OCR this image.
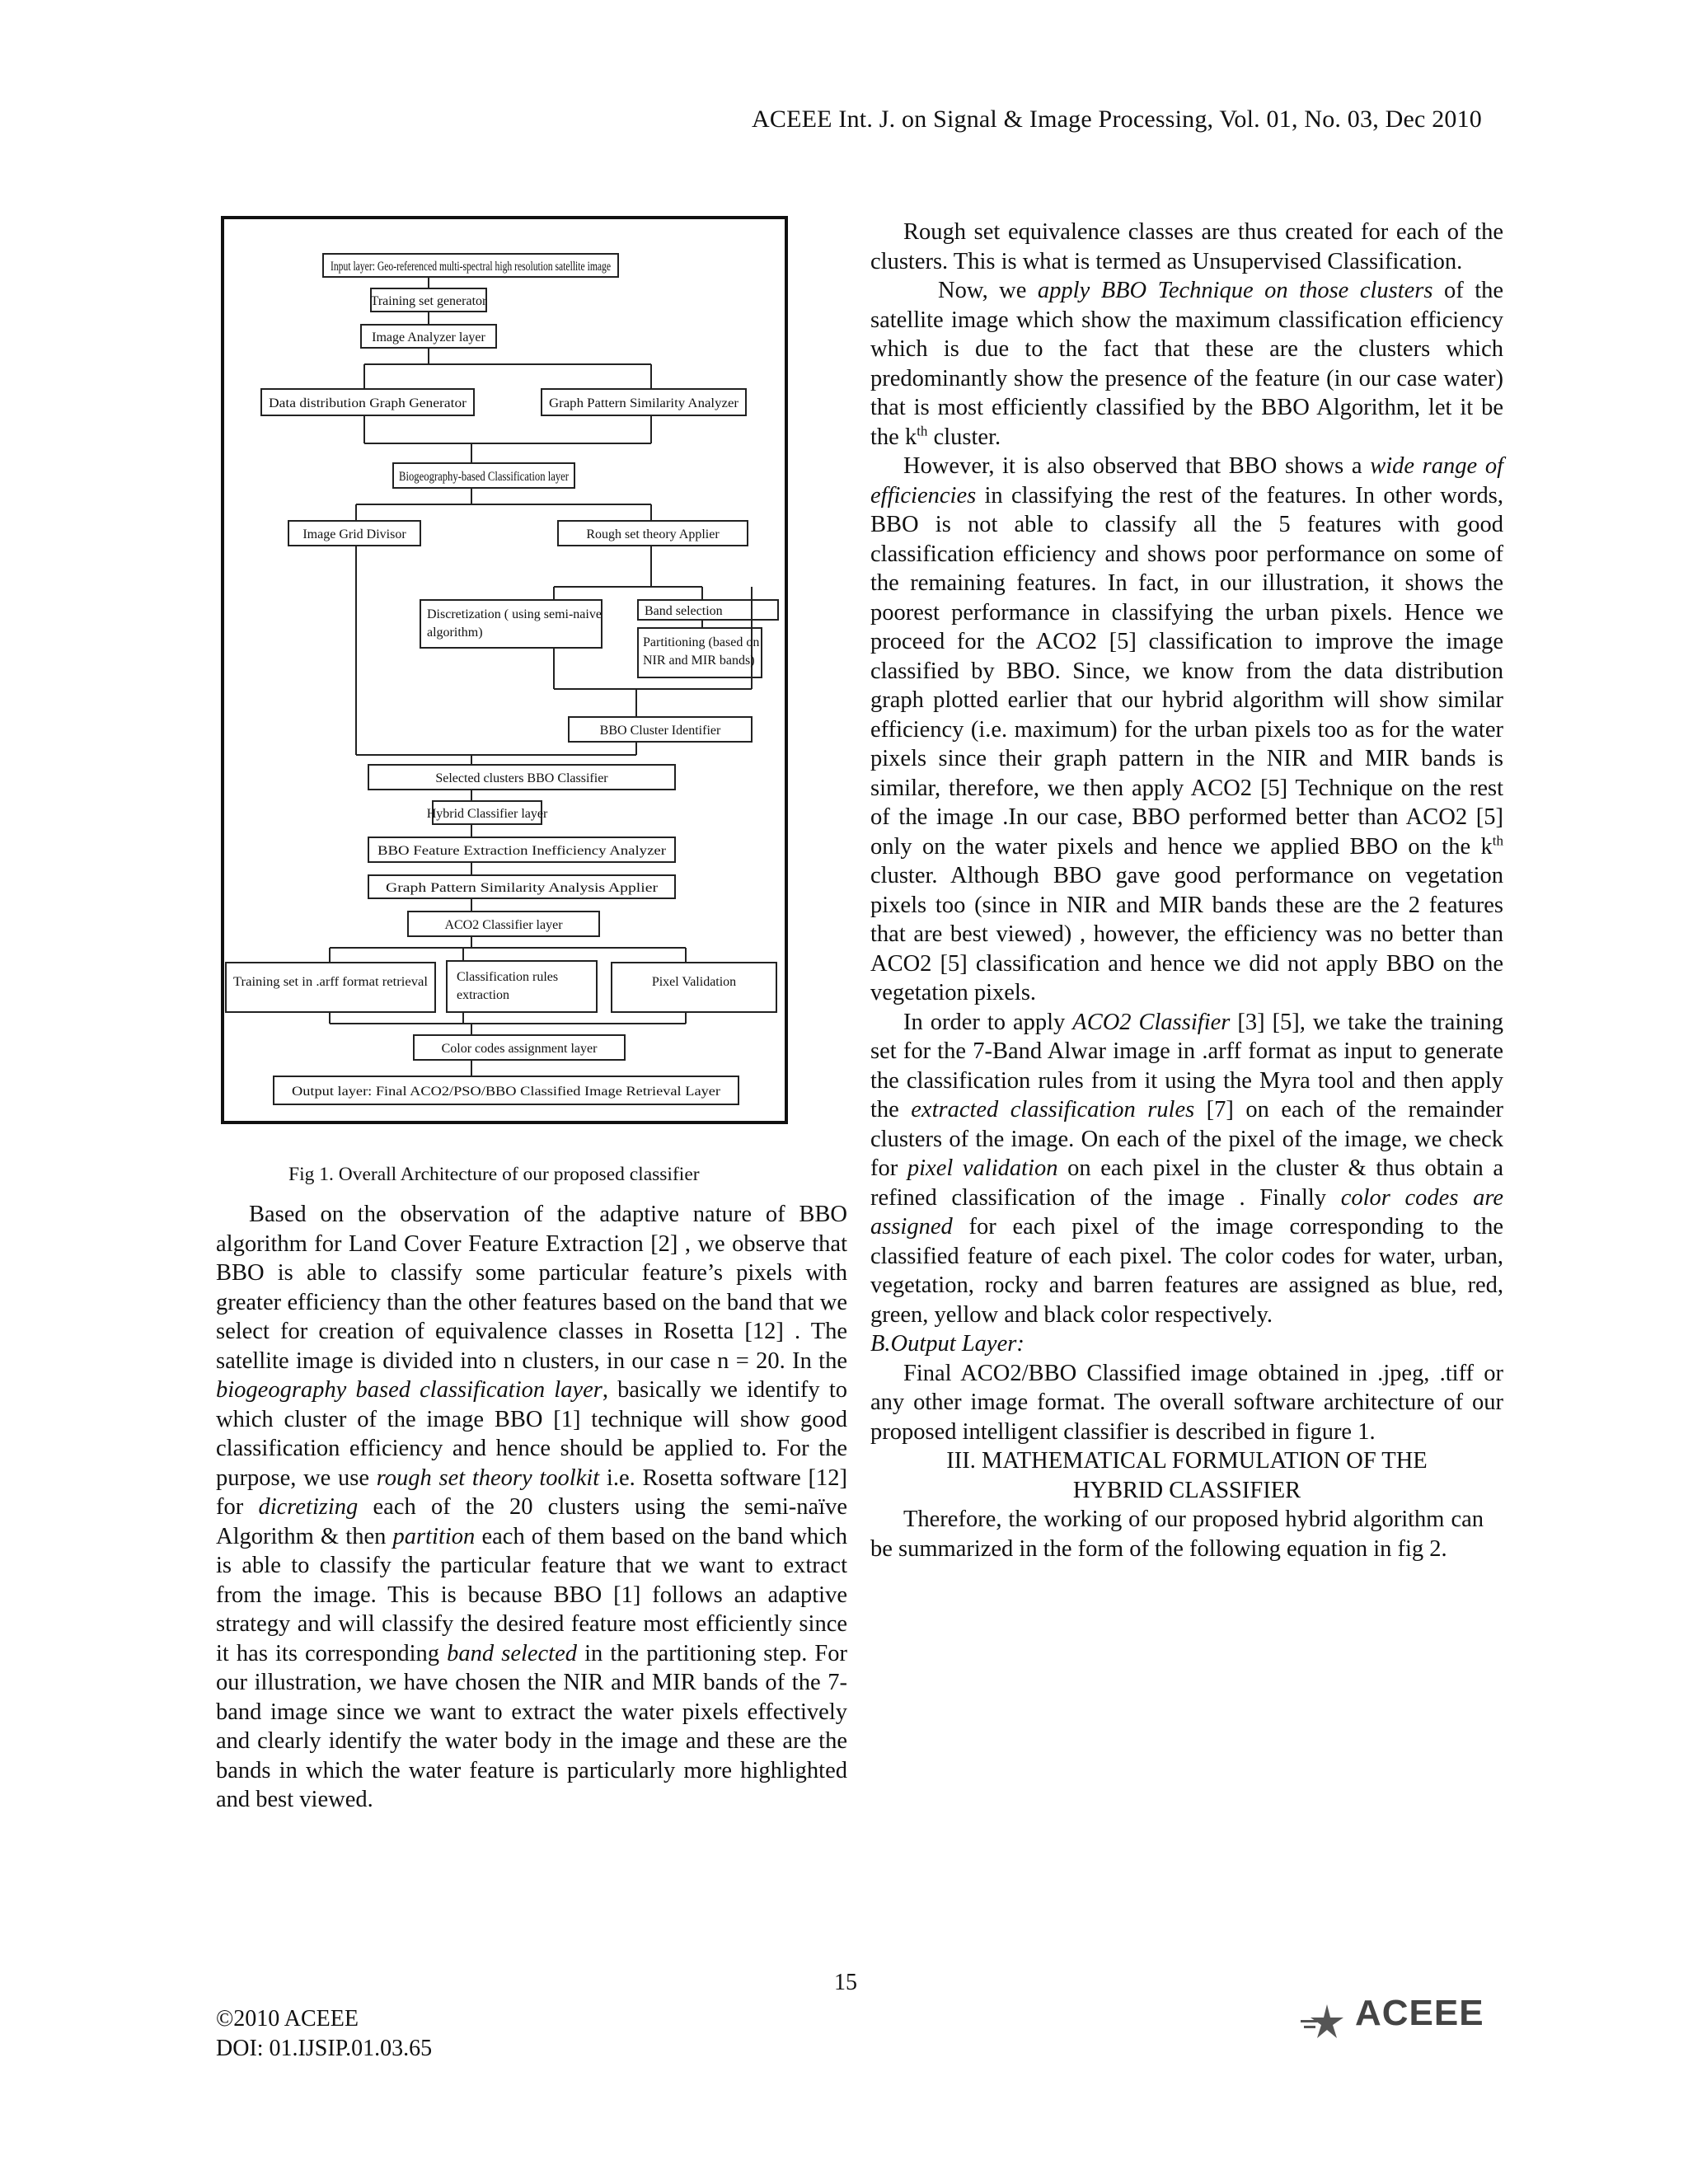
ACEEE Int. J. on Signal & Image Processing, Vol. 01, No. 03, Dec 2010
Input layer: Geo-referenced multi-spectral high resolution satellite image
Training set generator
Image Analyzer layer
Data distribution Graph Generator	Graph Pattern Similarity Analyzer
Biogeography-based Classification layer
Image Grid Divisor	Rough set theory Applier
Discretization ( using semi-naive
algorithm)
Band selection
Partitioning (based on
NIR and MIR bands)
BBO Cluster Identifier
Selected clusters BBO Classifier
Hybrid Classifier layer
BBO Feature Extraction Inefficiency Analyzer
Graph Pattern Similarity Analysis Applier
ACO2 Classifier layer
Training set in .arff format retrieval Classification rules
extraction
Pixel Validation
Color codes assignment layer
Output layer: Final ACO2/PSO/BBO Classified Image Retrieval Layer
Fig 1. Overall Architecture of our proposed classifier

Based on the observation of the adaptive nature of BBO algorithm for Land Cover Feature Extraction [2] , we observe that BBO is able to classify some particular feature’s pixels with greater efficiency than the other features based on the band that we select for creation of equivalence classes in Rosetta [12] . The satellite image is divided into n clusters, in our case n = 20. In the biogeography based classification layer, basically we identify to which cluster of the image BBO [1] technique will show good classification efficiency and hence should be applied to. For the purpose, we use rough set theory toolkit i.e. Rosetta software [12] for dicretizing each of the 20 clusters using the semi-naïve Algorithm & then partition each of them based on the band which is able to classify the particular feature that we want to extract from the image. This is because BBO [1] follows an adaptive strategy and will classify the desired feature most efficiently since it has its corresponding band selected in the partitioning step. For our illustration, we have chosen the NIR and MIR bands of the 7-band image since we want to extract the water pixels effectively and clearly identify the water body in the image and these are the bands in which the water feature is particularly more highlighted and best viewed.

Rough set equivalence classes are thus created for each of the clusters. This is what is termed as Unsupervised Classification.

Now, we apply BBO Technique on those clusters of the satellite image which show the maximum classification efficiency which is due to the fact that these are the clusters which predominantly show the presence of the feature (in our case water) that is most efficiently classified by the BBO Algorithm, let it be the $k^{th}$ cluster.

However, it is also observed that BBO shows a wide range of efficiencies in classifying the rest of the features. In other words, BBO is not able to classify all the 5 features with good classification efficiency and shows poor performance on some of the remaining features. In fact, in our illustration, it shows the poorest performance in classifying the urban pixels. Hence we proceed for the ACO2 [5] classification to improve the image classified by BBO. Since, we know from the data distribution graph plotted earlier that our hybrid algorithm will show similar efficiency (i.e. maximum) for the urban pixels too as for the water pixels since their graph pattern in the NIR and MIR bands is similar, therefore, we then apply ACO2 [5] Technique on the rest of the image .In our case, BBO performed better than ACO2 [5] only on the water pixels and hence we applied BBO on the $k^{th}$ cluster. Although BBO gave good performance on vegetation pixels too (since in NIR and MIR bands these are the 2 features that are best viewed) , however, the efficiency was no better than ACO2 [5] classification and hence we did not apply BBO on the vegetation pixels.

In order to apply ACO2 Classifier [3] [5], we take the training set for the 7-Band Alwar image in .arff format as input to generate the classification rules from it using the Myra tool and then apply the extracted classification rules [7] on each of the remainder clusters of the image. On each of the pixel of the image, we check for pixel validation on each pixel in the cluster & thus obtain a refined classification of the image . Finally color codes are assigned for each pixel of the image corresponding to the classified feature of each pixel. The color codes for water, urban, vegetation, rocky and barren features are assigned as blue, red, green, yellow and black color respectively.

B.Output Layer:

Final ACO2/BBO Classified image obtained in .jpeg, .tiff or any other image format. The overall software architecture of our proposed intelligent classifier is described in figure 1.

III. MATHEMATICAL FORMULATION OF THE
HYBRID CLASSIFIER

Therefore, the working of our proposed hybrid algorithm can be summarized in the form of the following equation in fig 2.

15
©2010 ACEEE
DOI: 01.IJSIP.01.03.65
ACEEE
